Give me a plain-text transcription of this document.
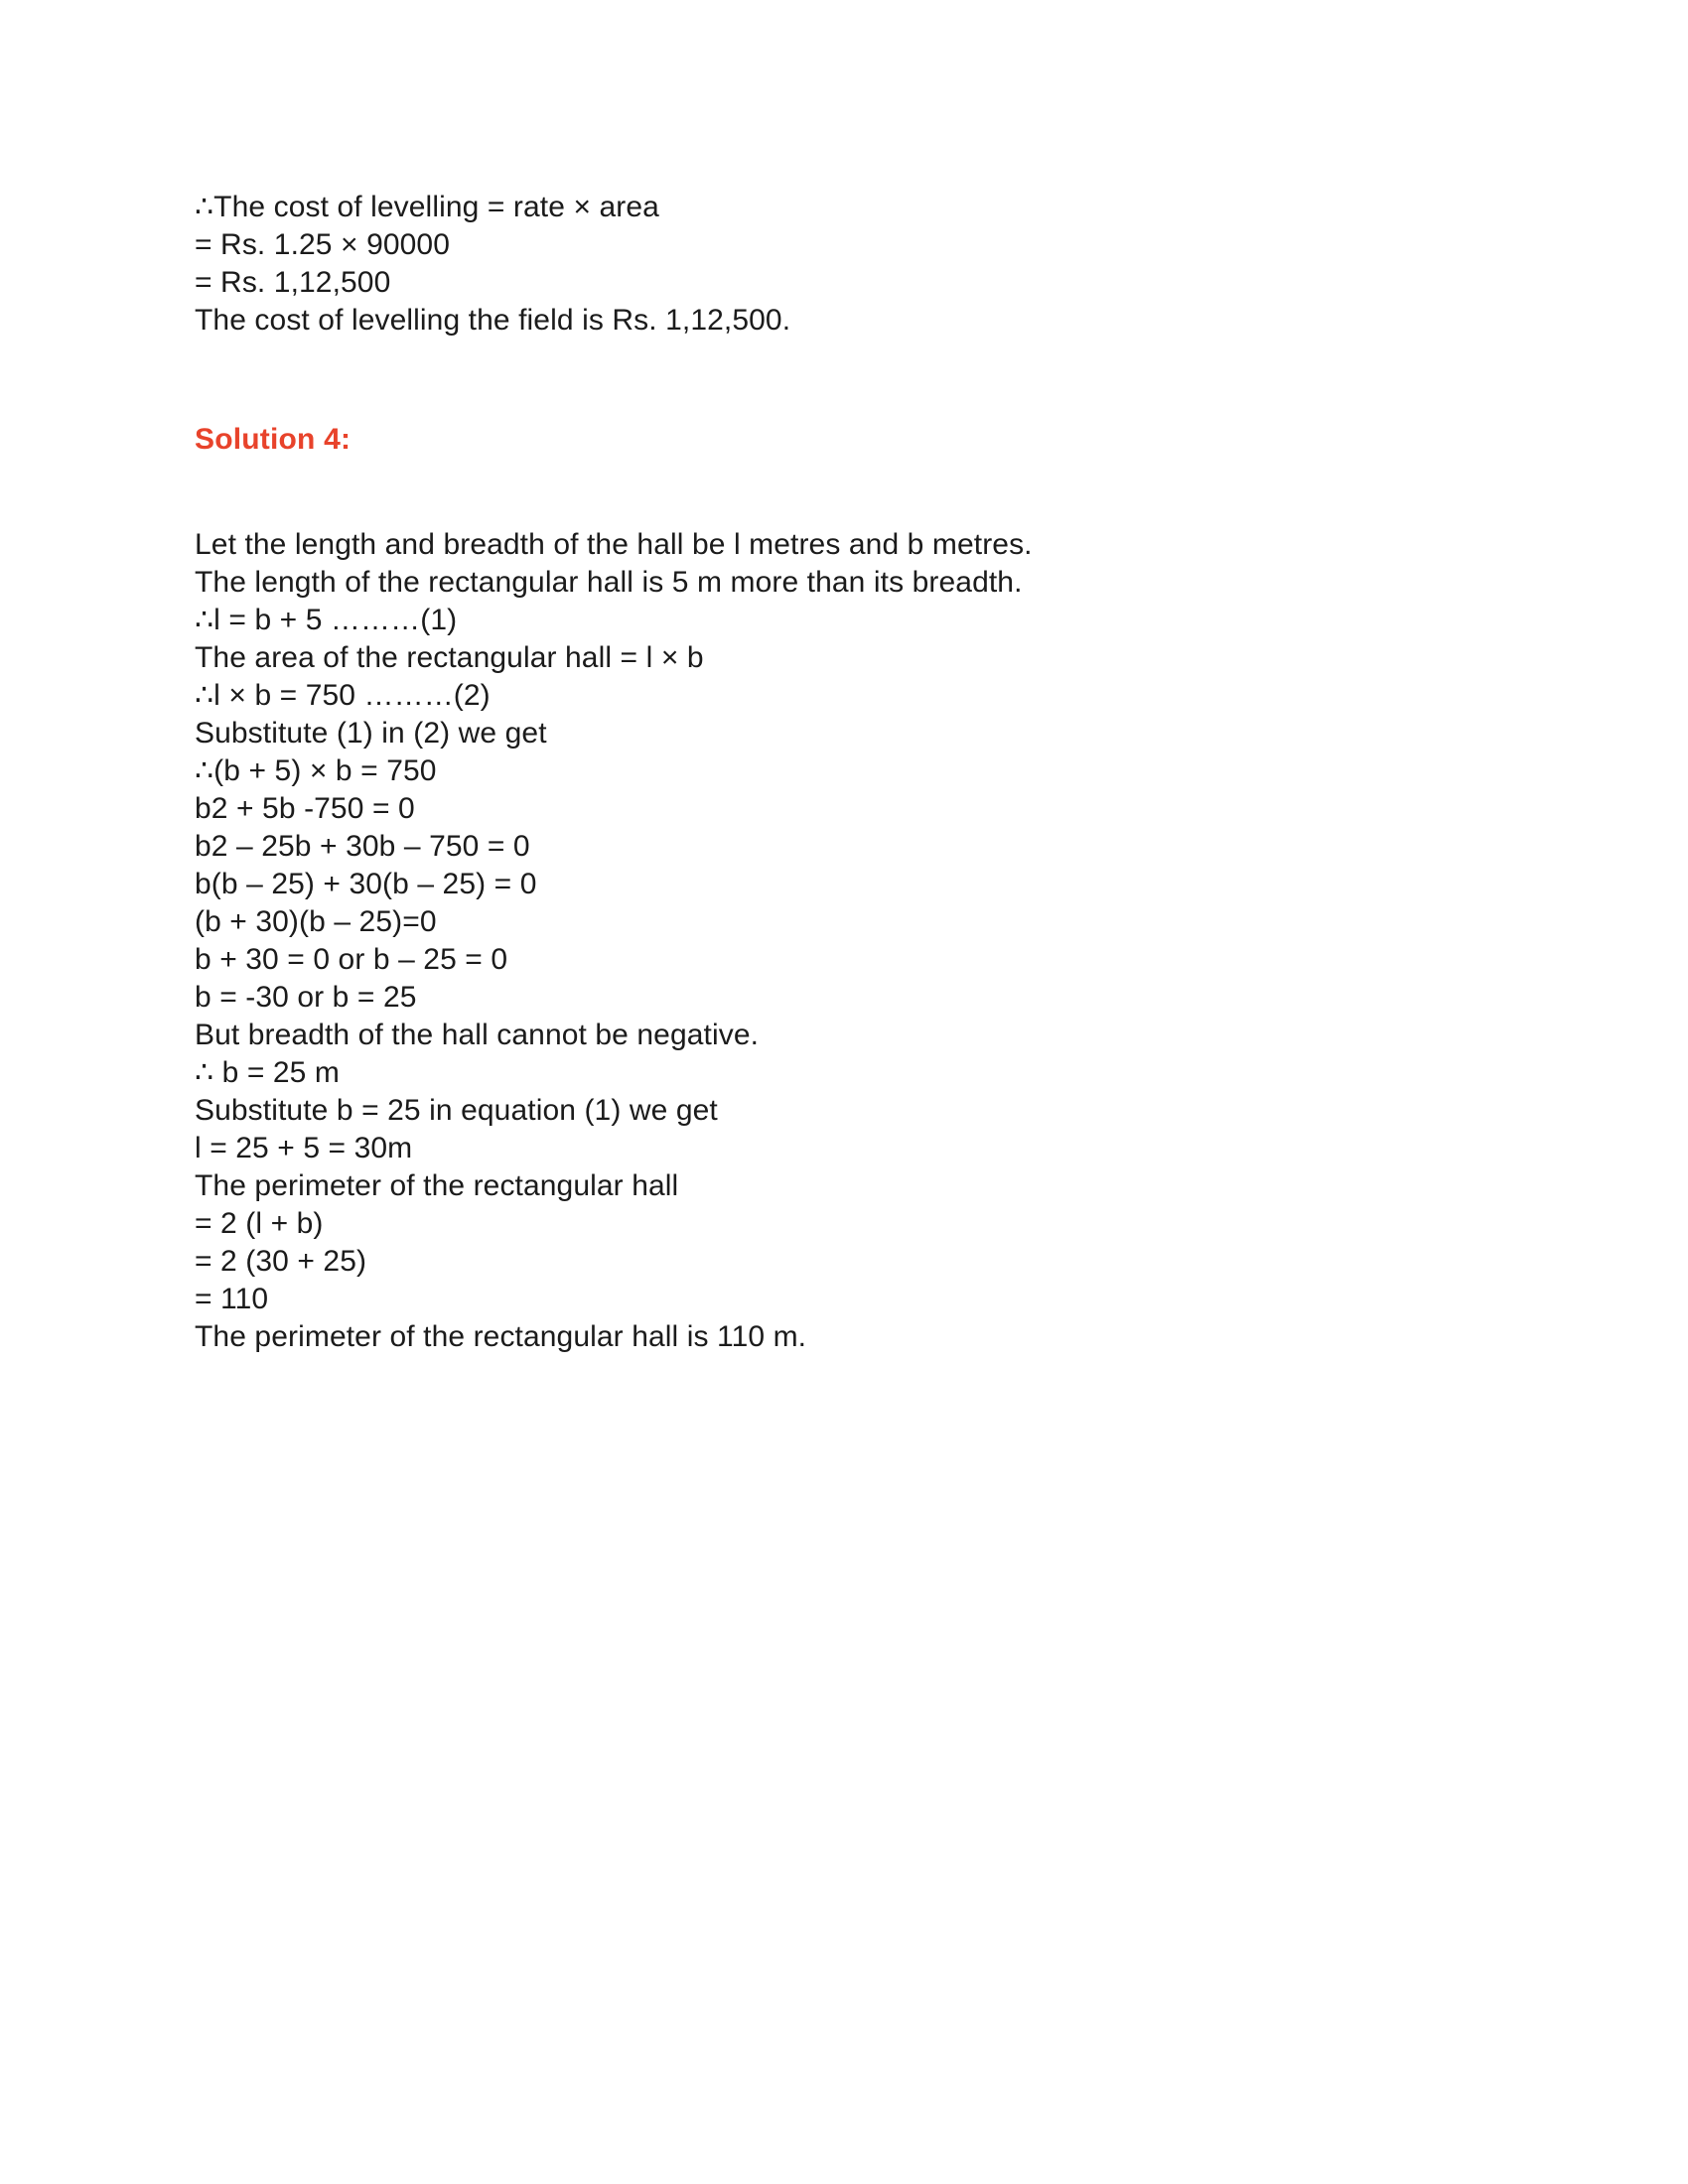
∴The cost of levelling = rate × area
= Rs. 1.25 × 90000
= Rs. 1,12,500
The cost of levelling the field is Rs. 1,12,500.
Solution 4:
Let the length and breadth of the hall be l metres and b metres.
The length of the rectangular hall is 5 m more than its breadth.
∴l = b + 5 ………(1)
The area of the rectangular hall = l × b
∴l × b = 750 ………(2)
Substitute (1) in (2) we get
∴(b + 5) × b = 750
b2 + 5b -750 = 0
b2 – 25b + 30b – 750 = 0
b(b – 25) + 30(b – 25) = 0
(b + 30)(b – 25)=0
b + 30 = 0 or b – 25 = 0
b = -30 or b = 25
But breadth of the hall cannot be negative.
∴ b = 25 m
Substitute b = 25 in equation (1) we get
l = 25 + 5 = 30m
The perimeter of the rectangular hall
= 2 (l + b)
= 2 (30 + 25)
= 110
The perimeter of the rectangular hall is 110 m.
